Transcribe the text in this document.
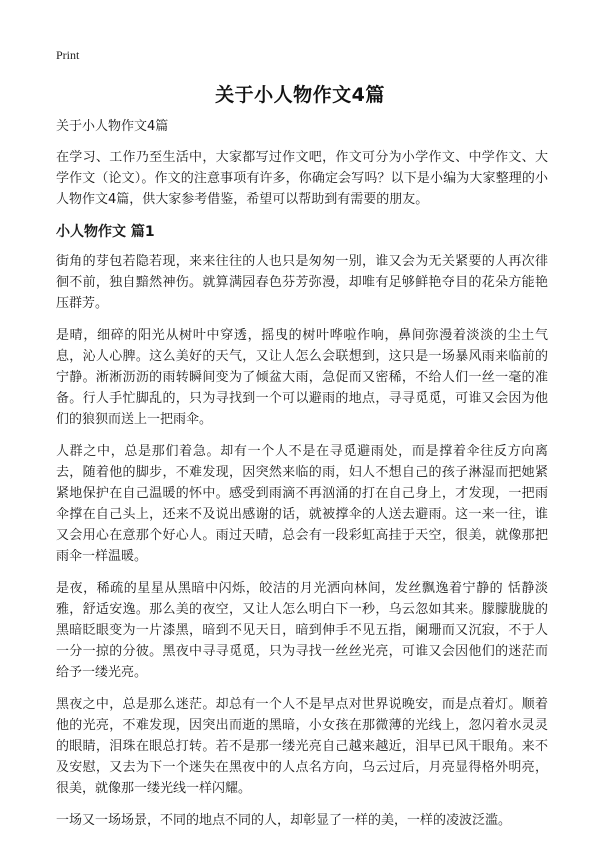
Print
关于小人物作文4篇

关于小人物作文4篇

在学习、工作乃至生活中，大家都写过作文吧，作文可分为小学作文、中学作文、大学作文（论文）。作文的注意事项有许多，你确定会写吗？以下是小编为大家整理的小人物作文4篇，供大家参考借鉴，希望可以帮助到有需要的朋友。

小人物作文 篇1

街角的芽包若隐若现，来来往往的人也只是匆匆一别，谁又会为无关紧要的人再次徘徊不前，独自黯然神伤。就算满园春色芬芳弥漫，却唯有足够鲜艳夺目的花朵方能艳压群芳。

是晴，细碎的阳光从树叶中穿透，摇曳的树叶哗啦作响，鼻间弥漫着淡淡的尘土气息，沁人心脾。这么美好的天气，又让人怎么会联想到，这只是一场暴风雨来临前的宁静。淅淅沥沥的雨转瞬间变为了倾盆大雨，急促而又密稀，不给人们一丝一毫的准备。行人手忙脚乱的，只为寻找到一个可以避雨的地点，寻寻觅觅，可谁又会因为他们的狼狈而送上一把雨伞。

人群之中，总是那们着急。却有一个人不是在寻觅避雨处，而是撑着伞往反方向离去，随着他的脚步，不难发现，因突然来临的雨，妇人不想自己的孩子淋湿而把她紧紧地保护在自己温暖的怀中。感受到雨滴不再汹涌的打在自己身上，才发现，一把雨伞撑在自己头上，还来不及说出感谢的话，就被撑伞的人送去避雨。这一来一往，谁又会用心在意那个好心人。雨过天晴，总会有一段彩虹高挂于天空，很美，就像那把雨伞一样温暖。

是夜，稀疏的星星从黑暗中闪烁，皎洁的月光洒向林间，发丝飘逸着宁静的 恬静淡雅，舒适安逸。那么美的夜空，又让人怎么明白下一秒，乌云忽如其来。朦朦胧胧的黑暗眨眼变为一片漆黑，暗到不见天日，暗到伸手不见五指，阑珊而又沉寂，不于人一分一掠的分彼。黑夜中寻寻觅觅，只为寻找一丝丝光亮，可谁又会因他们的迷茫而给予一缕光亮。

黑夜之中，总是那么迷茫。却总有一个人不是早点对世界说晚安，而是点着灯。顺着他的光亮，不难发现，因突出而逝的黑暗，小女孩在那微薄的光线上，忽闪着水灵灵的眼睛，泪珠在眼总打转。若不是那一缕光亮自己越来越近，泪早已风干眼角。来不及安慰，又去为下一个迷失在黑夜中的人点名方向，乌云过后，月亮显得格外明亮，很美，就像那一缕光线一样闪耀。

一场又一场场景，不同的地点不同的人，却彰显了一样的美，一样的凌波泛滥。
